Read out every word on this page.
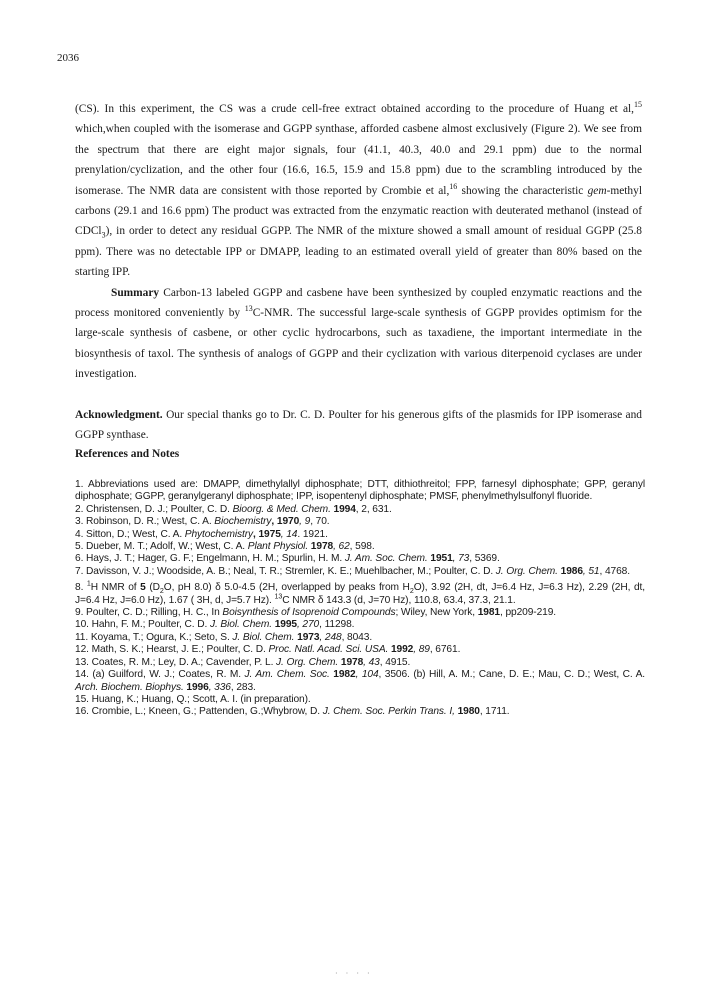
2036

(CS). In this experiment, the CS was a crude cell-free extract obtained according to the procedure of Huang et al,$^{15}$ which,when coupled with the isomerase and GGPP synthase, afforded casbene almost exclusively (Figure 2). We see from the spectrum that there are eight major signals, four (41.1, 40.3, 40.0 and 29.1 ppm) due to the normal prenylation/cyclization, and the other four (16.6, 16.5, 15.9 and 15.8 ppm) due to the scrambling introduced by the isomerase. The NMR data are consistent with those reported by Crombie et al,$^{16}$ showing the characteristic gem-methyl carbons (29.1 and 16.6 ppm) The product was extracted from the enzymatic reaction with deuterated methanol (instead of CDCl$_3$), in order to detect any residual GGPP. The NMR of the mixture showed a small amount of residual GGPP (25.8 ppm). There was no detectable IPP or DMAPP, leading to an estimated overall yield of greater than 80% based on the starting IPP.

Summary Carbon-13 labeled GGPP and casbene have been synthesized by coupled enzymatic reactions and the process monitored conveniently by $^{13}$C-NMR. The successful large-scale synthesis of GGPP provides optimism for the large-scale synthesis of casbene, or other cyclic hydrocarbons, such as taxadiene, the important intermediate in the biosynthesis of taxol. The synthesis of analogs of GGPP and their cyclization with various diterpenoid cyclases are under investigation.

Acknowledgment. Our special thanks go to Dr. C. D. Poulter for his generous gifts of the plasmids for IPP isomerase and GGPP synthase.

References and Notes

1. Abbreviations used are: DMAPP, dimethylallyl diphosphate; DTT, dithiothreitol; FPP, farnesyl diphosphate; GPP, geranyl diphosphate; GGPP, geranylgeranyl diphosphate; IPP, isopentenyl diphosphate; PMSF, phenylmethylsulfonyl fluoride.

2. Christensen, D. J.; Poulter, C. D. Bioorg. & Med. Chem. 1994, 2, 631.

3. Robinson, D. R.; West, C. A. Biochemistry, 1970, 9, 70.

4. Sitton, D.; West, C. A. Phytochemistry, 1975, 14. 1921.

5. Dueber, M. T.; Adolf, W.; West, C. A. Plant Physiol. 1978, 62, 598.

6. Hays, J. T.; Hager, G. F.; Engelmann, H. M.; Spurlin, H. M. J. Am. Soc. Chem. 1951, 73, 5369.

7. Davisson, V. J.; Woodside, A. B.; Neal, T. R.; Stremler, K. E.; Muehlbacher, M.; Poulter, C. D. J. Org. Chem. 1986, 51, 4768.

8. $^1$H NMR of 5 ($D_2O$, pH 8.0) δ 5.0-4.5 (2H, overlapped by peaks from $H_2O$), 3.92 (2H, dt, J=6.4 Hz, J=6.3 Hz), 2.29 (2H, dt, J=6.4 Hz, J=6.0 Hz), 1.67 ( 3H, d, J=5.7 Hz). $^{13}$C NMR δ 143.3 (d, J=70 Hz), 110.8, 63.4, 37.3, 21.1.

9. Poulter, C. D.; Rilling, H. C., In Boisynthesis of Isoprenoid Compounds; Wiley, New York, 1981, pp209-219.

10. Hahn, F. M.; Poulter, C. D. J. Biol. Chem. 1995, 270, 11298.

11. Koyama, T.; Ogura, K.; Seto, S. J. Biol. Chem. 1973, 248, 8043.

12. Math, S. K.; Hearst, J. E.; Poulter, C. D. Proc. Natl. Acad. Sci. USA. 1992, 89, 6761.

13. Coates, R. M.; Ley, D. A.; Cavender, P. L. J. Org. Chem. 1978, 43, 4915.

14. (a) Guilford, W. J.; Coates, R. M. J. Am. Chem. Soc. 1982, 104, 3506. (b) Hill, A. M.; Cane, D. E.; Mau, C. D.; West, C. A. Arch. Biochem. Biophys. 1996, 336, 283.

15. Huang, K.; Huang, Q.; Scott, A. I. (in preparation).

16. Crombie, L.; Kneen, G.; Pattenden, G.;Whybrow, D. J. Chem. Soc. Perkin Trans. I, 1980, 1711.

· · · ·
